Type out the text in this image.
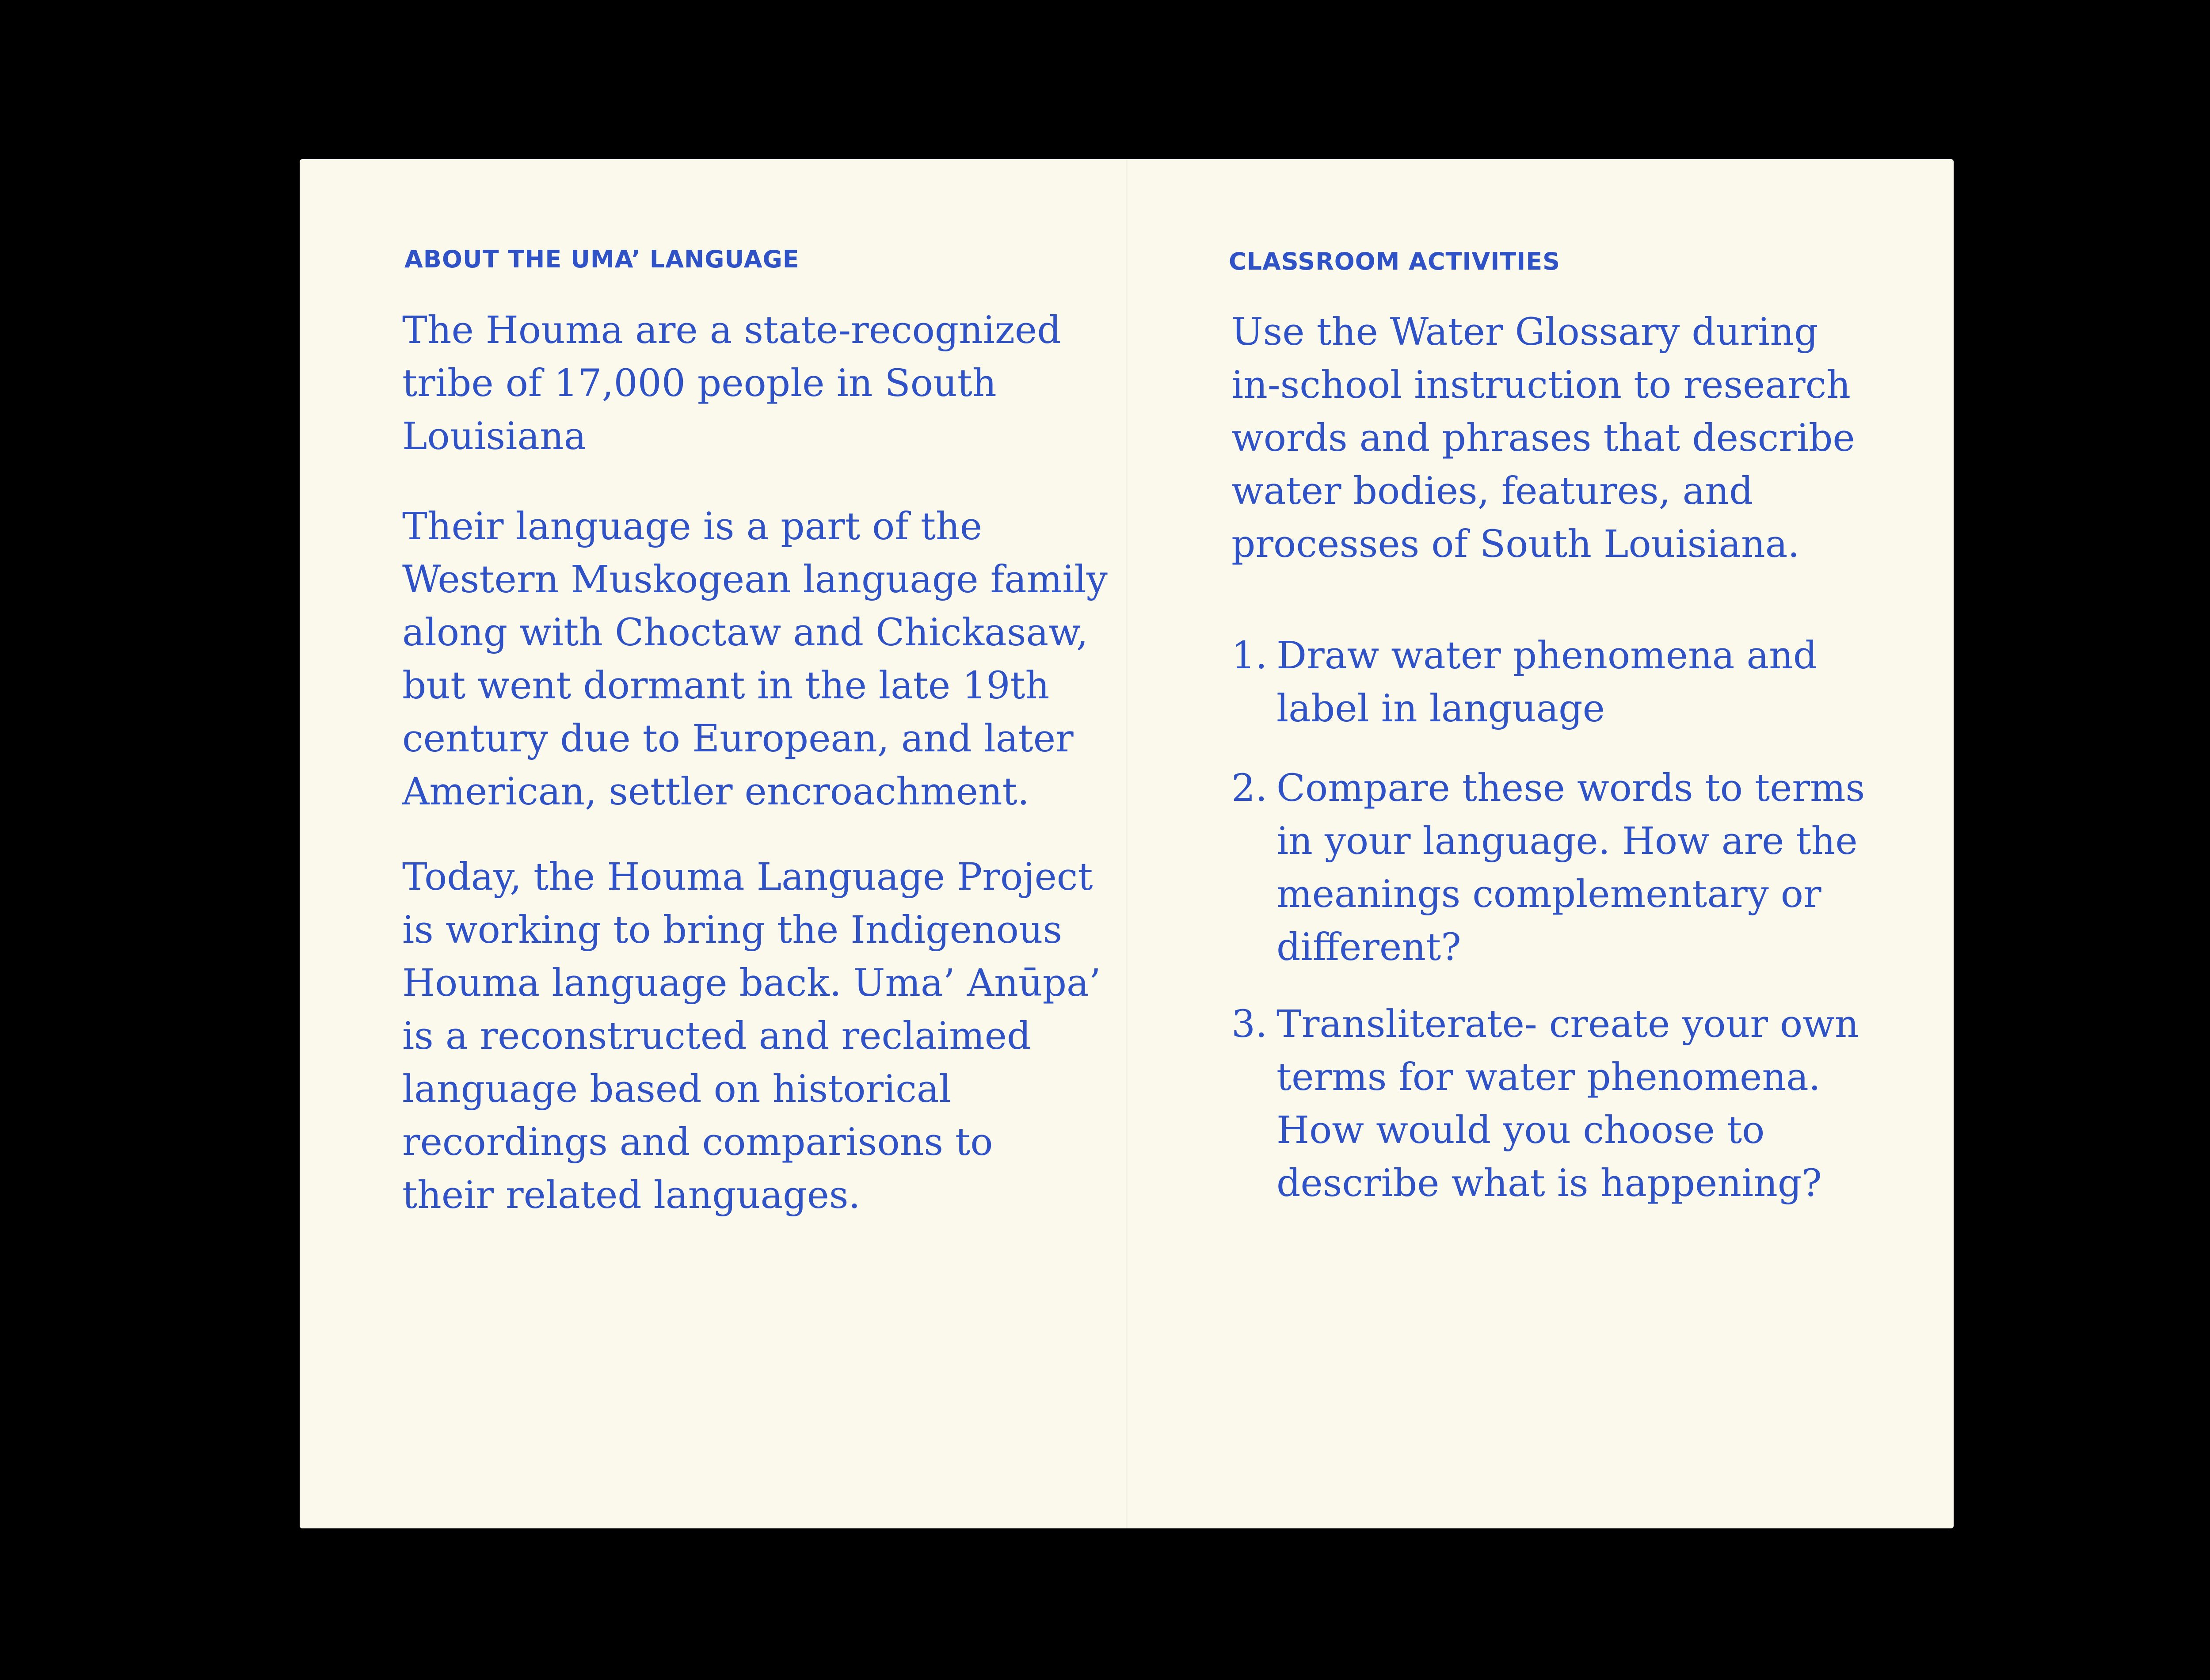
ABOUT THE UMA’ LANGUAGE
The Houma are a state-recognized
tribe of 17,000 people in South
Louisiana
Their language is a part of the
Western Muskogean language family
along with Choctaw and Chickasaw,
but went dormant in the late 19th
century due to European, and later
American, settler encroachment.
Today, the Houma Language Project
is working to bring the Indigenous
Houma language back. Uma’ Anūpa’
is a reconstructed and reclaimed
language based on historical
recordings and comparisons to
their related languages.
CLASSROOM ACTIVITIES
Use the Water Glossary during
in-school instruction to research
words and phrases that describe
water bodies, features, and
processes of South Louisiana.
1. Draw water phenomena and
label in language
2. Compare these words to terms
in your language. How are the
meanings complementary or
different?
3. Transliterate- create your own
terms for water phenomena.
How would you choose to
describe what is happening?
